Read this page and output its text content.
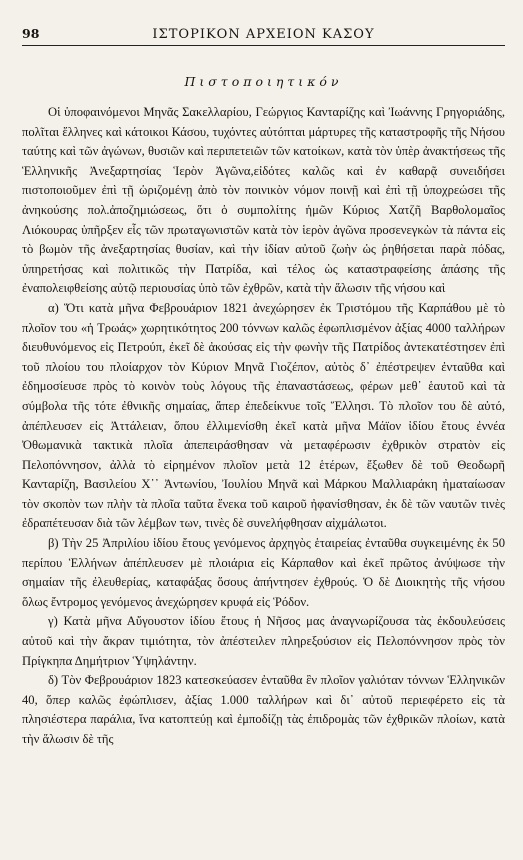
98	ΙΣΤΟΡΙΚΟΝ ΑΡΧΕΙΟΝ ΚΑΣΟΥ
Πιστοποιητικόν

Οἱ ὑποφαινόμενοι Μηνᾶς Σακελλαρίου, Γεώργιος Κανταρίζης καὶ Ἰωάννης Γρηγοριάδης, πολῖται ἕλληνες καὶ κάτοικοι Κάσου, τυχόντες αὐτόπται μάρτυρες τῆς καταστροφῆς τῆς Νήσου ταύτης καὶ τῶν ἀγώνων, θυσιῶν καὶ περιπετειῶν τῶν κατοίκων, κατὰ τὸν ὑπὲρ ἀνακτήσεως τῆς Ἑλληνικῆς Ἀνεξαρτησίας Ἱερὸν Ἀγῶνα,εἰδότες καλῶς καὶ ἐν καθαρᾷ συνειδήσει πιστοποιοῦμεν ἐπὶ τῇ ὡριζομένῃ ἀπὸ τὸν ποινικὸν νόμον ποινῇ καὶ ἐπὶ τῇ ὑποχρεώσει τῆς ἀνηκούσης πολ.ἀποζημιώσεως, ὅτι ὁ συμπολίτης ἡμῶν Κύριος Χατζῆ Βαρθολομαῖος Λιόκουρας ὑπῆρξεν εἷς τῶν πρωταγωνιστῶν κατὰ τὸν ἱερὸν ἀγῶνα προσενεγκὼν τὰ πάντα εἰς τὸ βωμὸν τῆς ἀνεξαρτησίας θυσίαν, καὶ τὴν ἰδίαν αὐτοῦ ζωὴν ὡς ῥηθήσεται παρὰ πόδας, ὑπηρετήσας καὶ πολιτικῶς τὴν Πατρίδα, καὶ τέλος ὡς καταστραφείσης ἁπάσης τῆς ἐναπολειφθείσης αὐτῷ περιουσίας ὑπὸ τῶν ἐχθρῶν, κατὰ τὴν ἅλωσιν τῆς νήσου καὶ

α) Ὅτι κατὰ μῆνα Φεβρουάριον 1821 ἀνεχώρησεν ἐκ Τριστόμου τῆς Καρπάθου μὲ τὸ πλοῖον του «ἡ Τρωάς» χωρητικότητος 200 τόννων καλῶς ἐφωπλισμένον ἀξίας 4000 ταλλήρων διευθυνόμενος εἰς Πετρούπ, ἐκεῖ δὲ ἀκούσας εἰς τὴν φωνὴν τῆς Πατρίδος ἀντεκατέστησεν ἐπὶ τοῦ πλοίου του πλοίαρχον τὸν Κύριον Μηνᾶ Γιοζέπον, αὐτὸς δ᾿ ἐπέστρεψεν ἐνταῦθα καὶ ἐδημοσίευσε πρὸς τὸ κοινὸν τοὺς λόγους τῆς ἐπαναστάσεως, φέρων μεθ᾿ ἑαυτοῦ καὶ τὰ σύμβολα τῆς τότε ἐθνικῆς σημαίας, ἅπερ ἐπεδείκνυε τοῖς Ἕλλησι. Τὸ πλοῖον του δὲ αὐτό, ἀπέπλευσεν εἰς Ἀττάλειαν, ὅπου ἐλλιμενίσθη ἐκεῖ κατὰ μῆνα Μάϊον ἰδίου ἔτους ἐννέα Ὀθωμανικὰ τακτικὰ πλοῖα ἀπεπειράσθησαν νὰ μεταφέρωσιν ἐχθρικὸν στρατὸν εἰς Πελοπόννησον, ἀλλὰ τὸ εἰρημένον πλοῖον μετὰ 12 ἑτέρων, ἔξωθεν δὲ τοῦ Θεοδωρῆ Κανταρίζη, Βασιλείου Χ᾿᾿ Ἀντωνίου, Ἰουλίου Μηνᾶ καὶ Μάρκου Μαλλιαράκη ἠματαίωσαν τὸν σκοπὸν των πλὴν τὰ πλοῖα ταῦτα ἕνεκα τοῦ καιροῦ ἠφανίσθησαν, ἐκ δὲ τῶν ναυτῶν τινὲς ἐδραπέτευσαν διὰ τῶν λέμβων των, τινὲς δὲ συνελήφθησαν αἰχμάλωτοι.

β) Τὴν 25 Ἀπριλίου ἰδίου ἔτους γενόμενος ἀρχηγὸς ἑταιρείας ἐνταῦθα συγκειμένης ἐκ 50 περίπου Ἑλλήνων ἀπέπλευσεν μὲ πλοιάρια εἰς Κάρπαθον καὶ ἐκεῖ πρῶτος ἀνύψωσε τὴν σημαίαν τῆς ἐλευθερίας, καταφάξας ὅσους ἀπήντησεν ἐχθρούς. Ὁ δὲ Διοικητὴς τῆς νήσου ὅλως ἔντρομος γενόμενος ἀνεχώρησεν κρυφά εἰς Ῥόδον.

γ) Κατὰ μῆνα Αὔγουστον ἰδίου ἔτους ἡ Νῆσος μας ἀναγνωρίζουσα τὰς ἐκδουλεύσεις αὐτοῦ καὶ τὴν ἄκραν τιμιότητα, τὸν ἀπέστειλεν πληρεξούσιον εἰς Πελοπόννησον πρὸς τὸν Πρίγκηπα Δημήτριον Ὑψηλάντην.

δ) Τὸν Φεβρουάριον 1823 κατεσκεύασεν ἐνταῦθα ἓν πλοῖον γαλιόταν τόννων Ἑλληνικῶν 40, ὅπερ καλῶς ἐφώπλισεν, ἀξίας 1.000 ταλλήρων καὶ δι᾿ αὐτοῦ περιεφέρετο εἰς τὰ πλησιέστερα παράλια, ἵνα κατοπτεύῃ καὶ ἐμποδίζῃ τὰς ἐπιδρομὰς τῶν ἐχθρικῶν πλοίων, κατὰ τὴν ἅλωσιν δὲ τῆς
